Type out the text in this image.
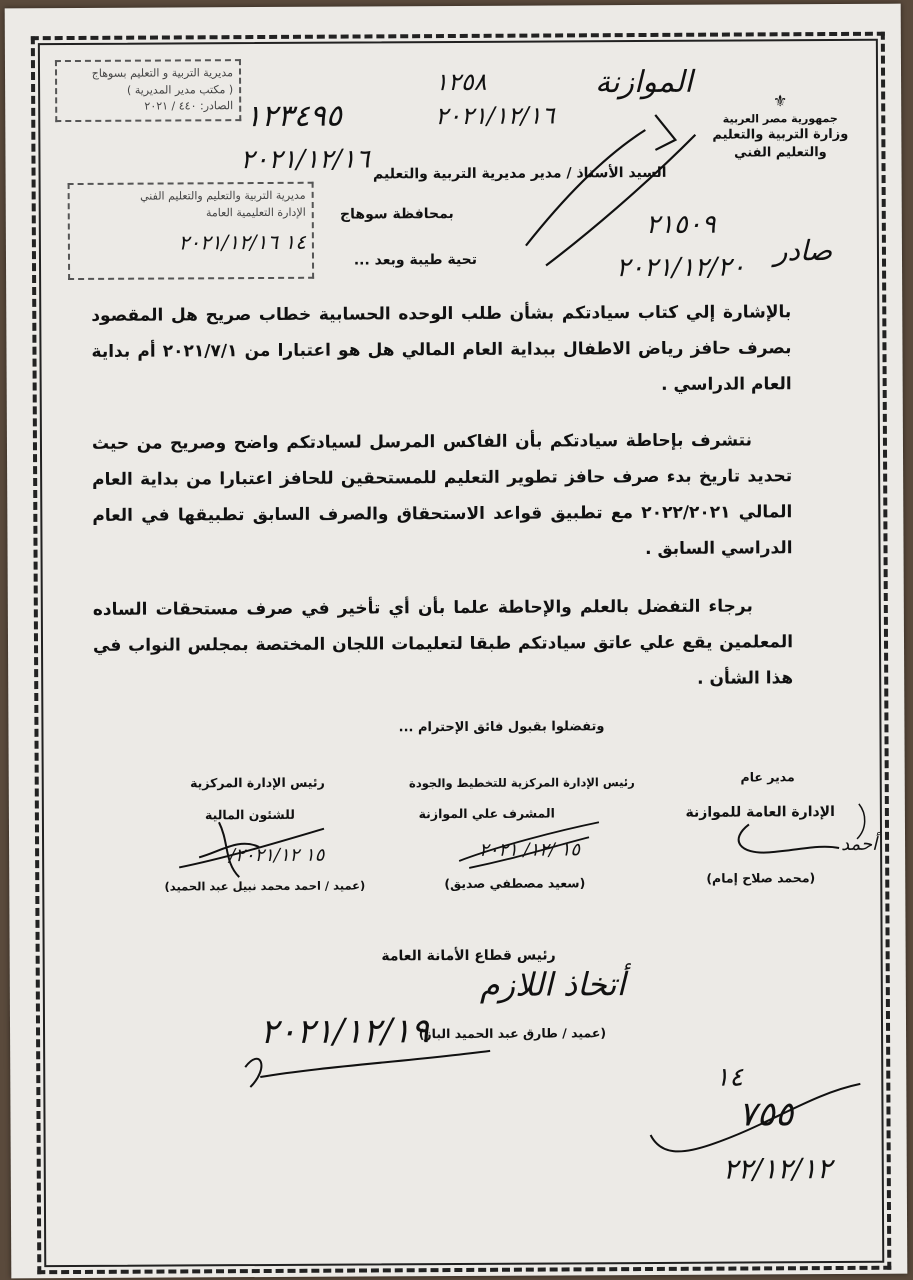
مديرية التربية و التعليم بسوهاج
( مكتب مدير المديرية )
الصادر: ٤٤٠ / ٢٠٢١	⚜
جمهورية مصر العربية
وزارة التربية والتعليم
والتعليم الفني
الموازنة
١٢٥٨
١٢٣٤٩٥	٢٠٢١/١٢/١٦
٢٠٢١/١٢/١٦
صادر
٢١٥٠٩
٢٠٢١/١٢/٢٠
مديرية التربية والتعليم والتعليم الفني
الإدارة التعليمية العامة
١٤ ٢٠٢١/١٢/١٦
السيد الأستاذ / مدير مديرية التربية والتعليم
بمحافظة سوهاج
تحية طيبة وبعد ...
بالإشارة إلي كتاب سيادتكم بشأن طلب الوحده الحسابية خطاب صريح هل المقصود بصرف حافز رياض الاطفال ببداية العام المالي هل هو اعتبارا من ٢٠٢١/٧/١ أم بداية العام الدراسي .
نتشرف بإحاطة سيادتكم بأن الفاكس المرسل لسيادتكم واضح وصريح من حيث تحديد تاريخ بدء صرف حافز تطوير التعليم للمستحقين للحافز اعتبارا من بداية العام المالي ٢٠٢٢/٢٠٢١ مع تطبيق قواعد الاستحقاق والصرف السابق تطبيقها في العام الدراسي السابق .
برجاء التفضل بالعلم والإحاطة علما بأن أي تأخير في صرف مستحقات الساده المعلمين يقع علي عاتق سيادتكم طبقا لتعليمات اللجان المختصة بمجلس النواب في هذا الشأن .
وتفضلوا بقبول فائق الإحترام ...
مدير عام
الإدارة العامة للموازنة
(محمد صلاح إمام)
رئيس الإدارة المركزية للتخطيط والجودة
المشرف علي الموازنة
(سعيد مصطفي صديق)
رئيس الإدارة المركزية
للشئون المالية
(عميد / احمد محمد نبيل عبد الحميد)
١٥ ٢٠٢١/١٢/	١٥ /١٢/ ٢٠٢١	أحمد
رئيس قطاع الأمانة العامة
(عميد / طارق عبد الحميد الباز)
أتخاذ اللازم
٢٠٢١/١٢/١٩
١٤
٧٥٥
٢٢/١٢/١٢
